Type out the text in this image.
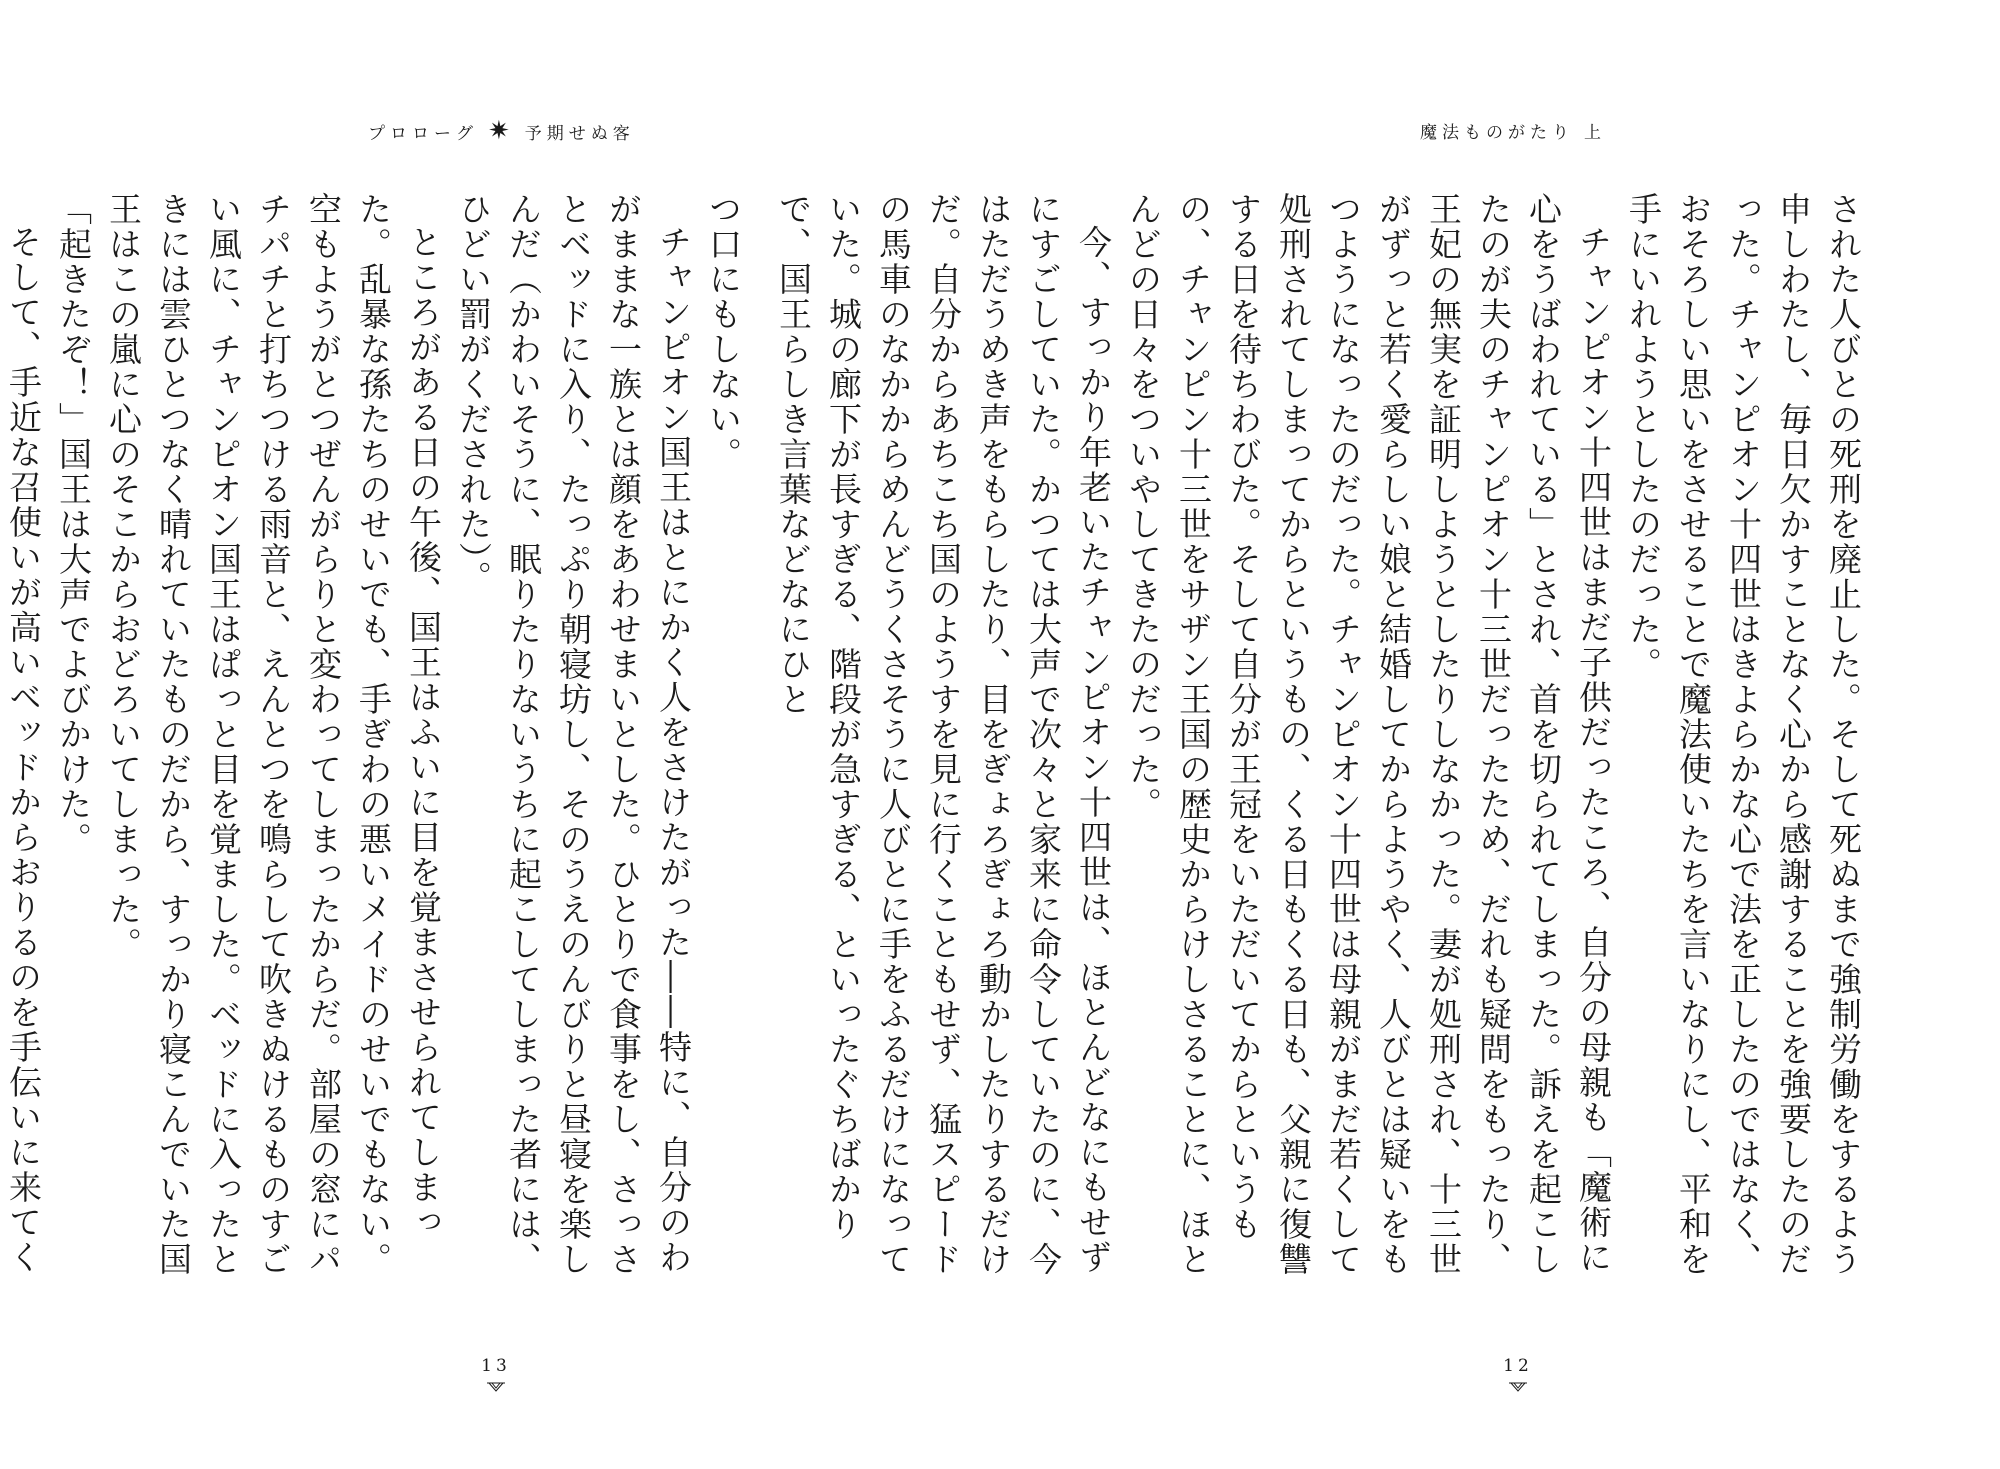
プロローグ ✷ 予期せぬ客

つ口にもしない。

チャンピオン国王はとにかく人をさけたがった――特に、自分のわがままな一族とは顔をあわせまいとした。ひとりで食事をし、さっさとベッドに入り、たっぷり朝寝坊し、そのうえのんびりと昼寝を楽しんだ（かわいそうに、眠りたりないうちに起こしてしまった者には、ひどい罰がくだされた）。

ところがある日の午後、国王はふいに目を覚まさせられてしまった。乱暴な孫たちのせいでも、手ぎわの悪いメイドのせいでもない。空もようがとつぜんがらりと変わってしまったからだ。部屋の窓にパチパチと打ちつける雨音と、えんとつを鳴らして吹きぬけるものすごい風に、チャンピオン国王はぱっと目を覚ました。ベッドに入ったときには雲ひとつなく晴れていたものだから、すっかり寝こんでいた国王はこの嵐に心のそこからおどろいてしまった。

「起きたぞ！」国王は大声でよびかけた。

そして、手近な召使いが高いベッドからおりるのを手伝いに来てく

13
魔法ものがたり 上

された人びとの死刑を廃止した。そして死ぬまで強制労働をするよう申しわたし、毎日欠かすことなく心から感謝することを強要したのだった。チャンピオン十四世はきよらかな心で法を正したのではなく、おそろしい思いをさせることで魔法使いたちを言いなりにし、平和を手にいれようとしたのだった。

チャンピオン十四世はまだ子供だったころ、自分の母親も「魔術に心をうばわれている」とされ、首を切られてしまった。訴えを起こしたのが夫のチャンピオン十三世だったため、だれも疑問をもったり、王妃の無実を証明しようとしたりしなかった。妻が処刑され、十三世がずっと若く愛らしい娘と結婚してからようやく、人びとは疑いをもつようになったのだった。チャンピオン十四世は母親がまだ若くして処刑されてしまってからというもの、くる日もくる日も、父親に復讐する日を待ちわびた。そして自分が王冠をいただいてからというもの、チャンピン十三世をサザン王国の歴史からけしさることに、ほとんどの日々をついやしてきたのだった。

今、すっかり年老いたチャンピオン十四世は、ほとんどなにもせずにすごしていた。かつては大声で次々と家来に命令していたのに、今はただうめき声をもらしたり、目をぎょろぎょろ動かしたりするだけだ。自分からあちこち国のようすを見に行くこともせず、猛スピードの馬車のなかからめんどうくさそうに人びとに手をふるだけになっていた。城の廊下が長すぎる、階段が急すぎる、といったぐちばかりで、国王らしき言葉などなにひと

12
